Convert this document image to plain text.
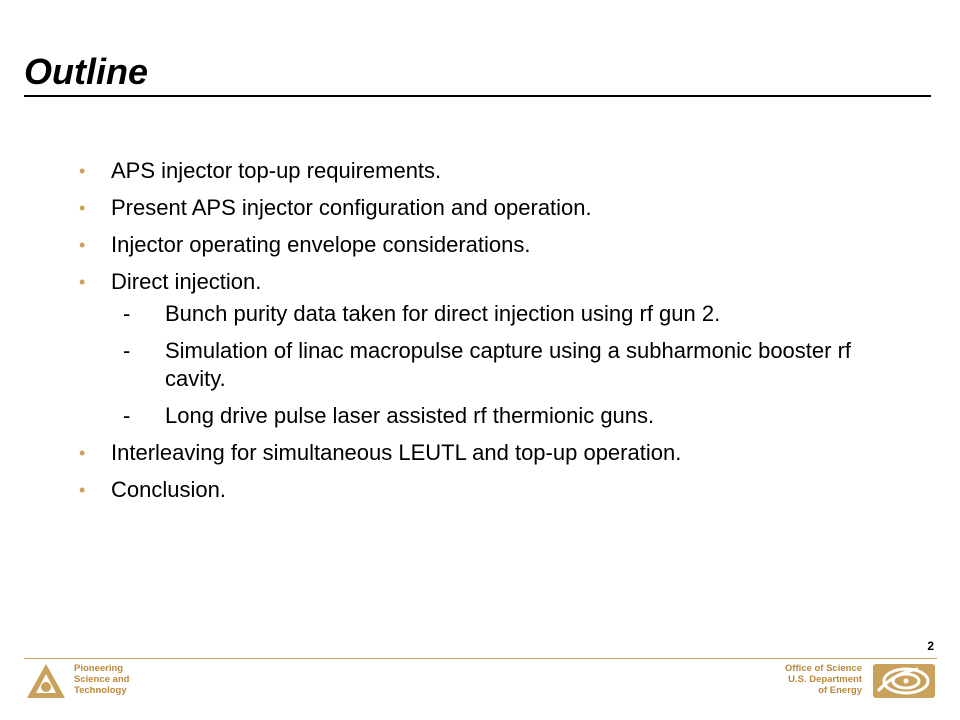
Outline
• APS injector top-up requirements.
• Present APS injector configuration and operation.
• Injector operating envelope considerations.
• Direct injection.
- Bunch purity data taken for direct injection using rf gun 2.
- Simulation of linac macropulse capture using a subharmonic booster rf cavity.
- Long drive pulse laser assisted rf thermionic guns.
• Interleaving for simultaneous LEUTL and top-up operation.
• Conclusion.
2
Pioneering
Science and
Technology
Office of Science
U.S. Department
of Energy
